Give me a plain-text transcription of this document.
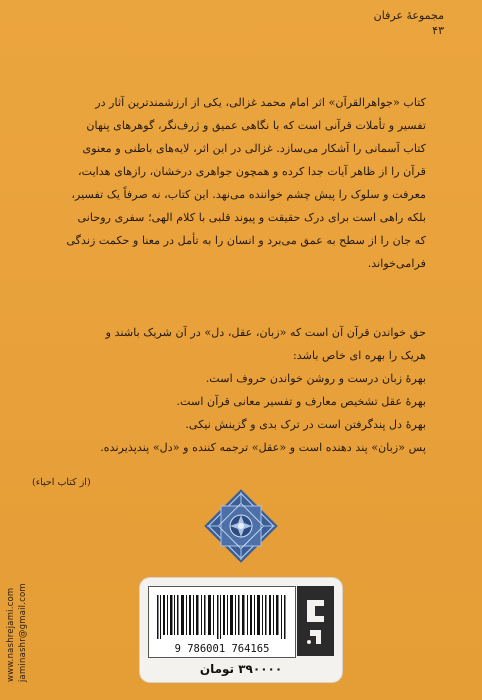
مجموعهٔ عرفان
۴۳
کتاب «جواهرالقرآن» اثر امام محمد غزالی، یکی از ارزشمندترین آثار در
تفسیر و تأملات قرآنی است که با نگاهی عمیق و ژرف‌نگر، گوهرهای پنهان
کتاب آسمانی را آشکار می‌سازد. غزالی در این اثر، لایه‌های باطنی و معنوی
قرآن را از ظاهر آیات جدا کرده و همچون جواهری درخشان، رازهای هدایت،
معرفت و سلوک را پیش چشم خواننده می‌نهد. این کتاب، نه صرفاً یک تفسیر،
بلکه راهی است برای درک حقیقت و پیوند قلبی با کلام الهی؛ سفری روحانی
که جان را از سطح به عمق می‌برد و انسان را به تأمل در معنا و حکمت زندگی
فرامی‌خواند.
حق خواندن قرآن آن است که «زبان، عقل، دل» در آن شریک باشند و
هریک را بهره ای خاص باشد:
بهرهٔ زبان درست و روشن خواندن حروف است.
بهرهٔ عقل تشخیص معارف و تفسیر معانی قرآن است.
بهرهٔ دل پندگرفتن است در ترک بدی و گزینش نیکی.
پس «زبان» پند دهنده است و «عقل» ترجمه کننده و «دل» پندپذیرنده.
(از کتاب احیاء)
www.nashrejami.com jaminashr@gmail.com	9 786001 764165
۳۹۰۰۰۰ تومان
